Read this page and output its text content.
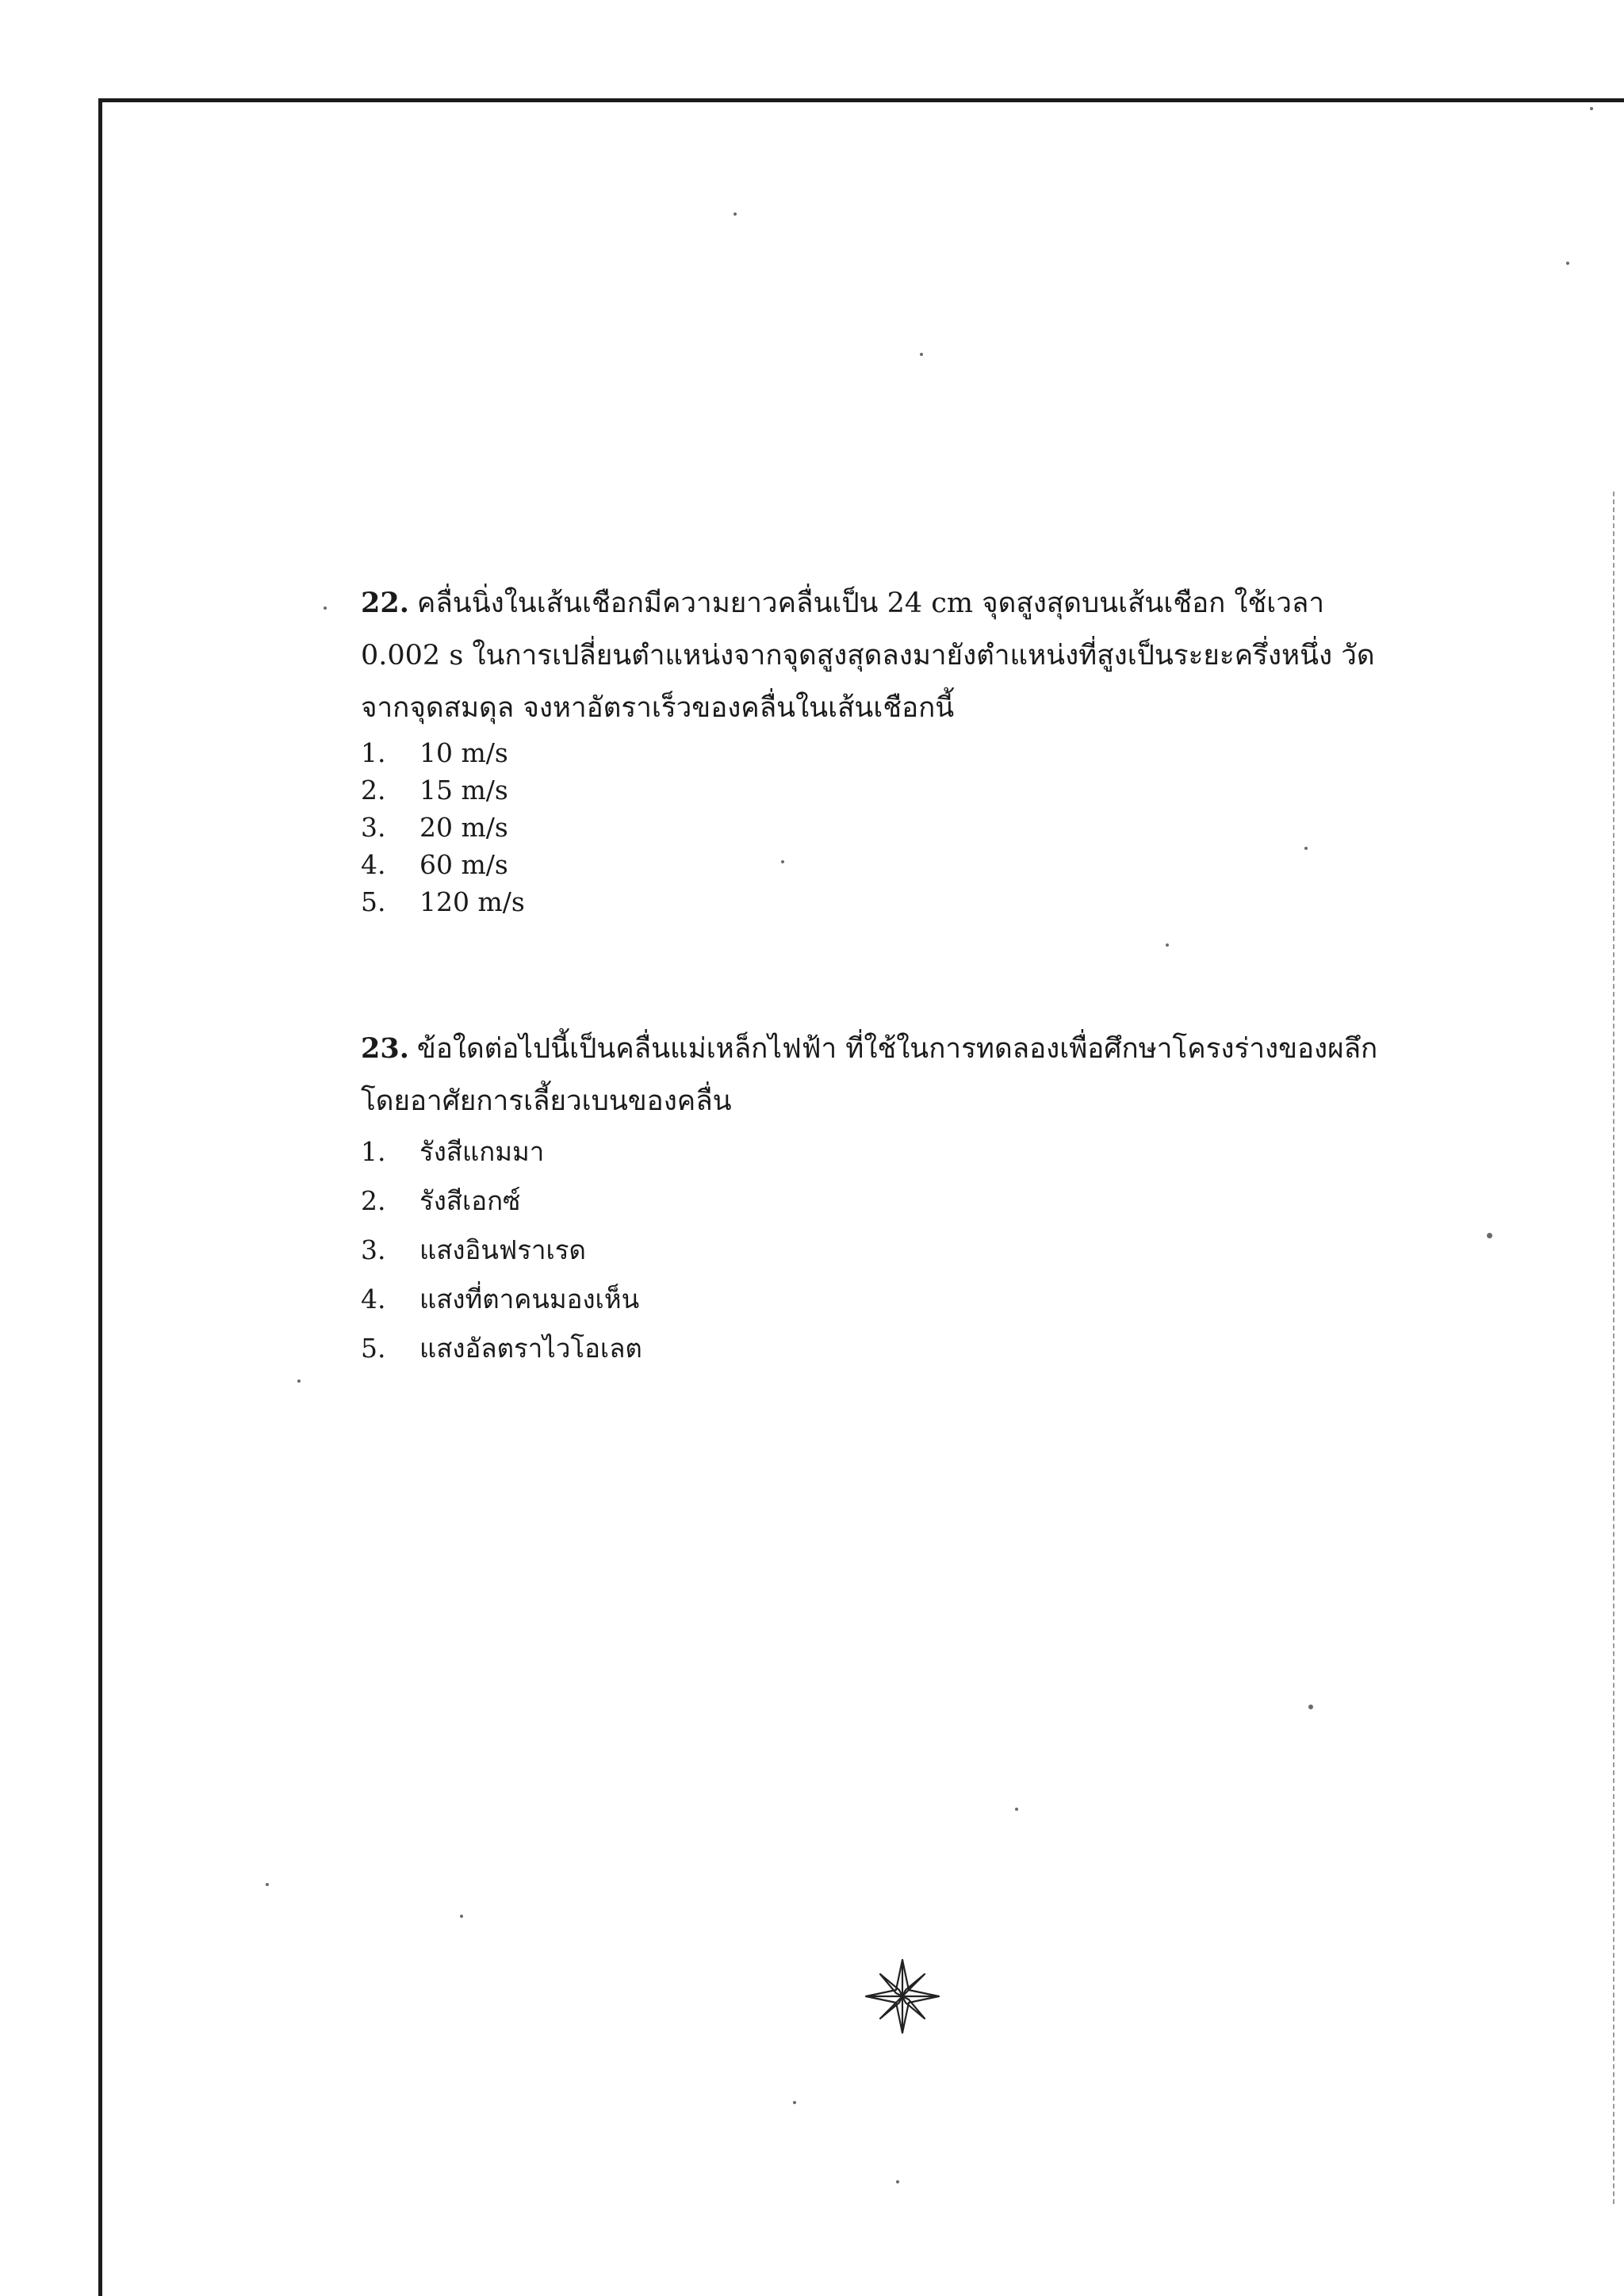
22. คลื่นนิ่งในเส้นเชือกมีความยาวคลื่นเป็น 24 cm จุดสูงสุดบนเส้นเชือก ใช้เวลา
0.002 s ในการเปลี่ยนตำแหน่งจากจุดสูงสุดลงมายังตำแหน่งที่สูงเป็นระยะครึ่งหนึ่ง วัด
จากจุดสมดุล จงหาอัตราเร็วของคลื่นในเส้นเชือกนี้
1.	10 m/s
2.	15 m/s
3.	20 m/s
4.	60 m/s
5.	120 m/s
23. ข้อใดต่อไปนี้เป็นคลื่นแม่เหล็กไฟฟ้า ที่ใช้ในการทดลองเพื่อศึกษาโครงร่างของผลึก
โดยอาศัยการเลี้ยวเบนของคลื่น
1.	รังสีแกมมา
2.	รังสีเอกซ์
3.	แสงอินฟราเรด
4.	แสงที่ตาคนมองเห็น
5.	แสงอัลตราไวโอเลต
